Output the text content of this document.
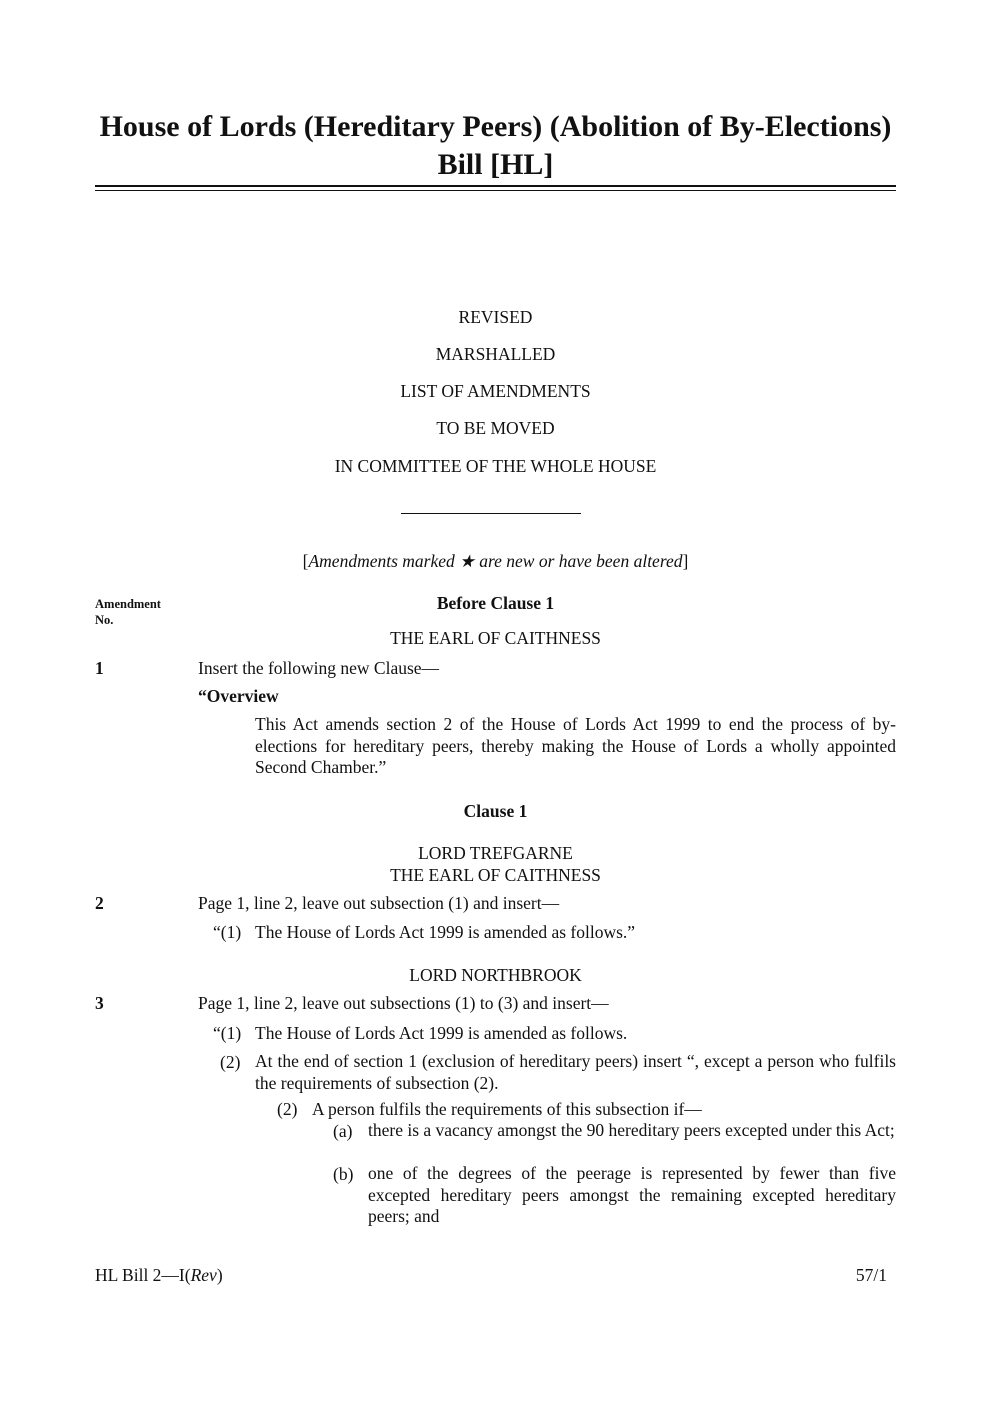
House of Lords (Hereditary Peers) (Abolition of By-Elections) Bill [HL]
REVISED
MARSHALLED
LIST OF AMENDMENTS
TO BE MOVED
IN COMMITTEE OF THE WHOLE HOUSE
[Amendments marked ★ are new or have been altered]
Amendment
No.
Before Clause 1
THE EARL OF CAITHNESS
1	Insert the following new Clause—
“Overview
This Act amends section 2 of the House of Lords Act 1999 to end the process of by-elections for hereditary peers, thereby making the House of Lords a wholly appointed Second Chamber.”
Clause 1
LORD TREFGARNE
THE EARL OF CAITHNESS
2	Page 1, line 2, leave out subsection (1) and insert—
“(1) The House of Lords Act 1999 is amended as follows.”
LORD NORTHBROOK
3	Page 1, line 2, leave out subsections (1) to (3) and insert—
“(1) The House of Lords Act 1999 is amended as follows.
(2) At the end of section 1 (exclusion of hereditary peers) insert “, except a person who fulfils the requirements of subsection (2).
(2) A person fulfils the requirements of this subsection if—
(a) there is a vacancy amongst the 90 hereditary peers excepted under this Act;
(b) one of the degrees of the peerage is represented by fewer than five excepted hereditary peers amongst the remaining excepted hereditary peers; and
HL Bill 2—I(Rev)	57/1
